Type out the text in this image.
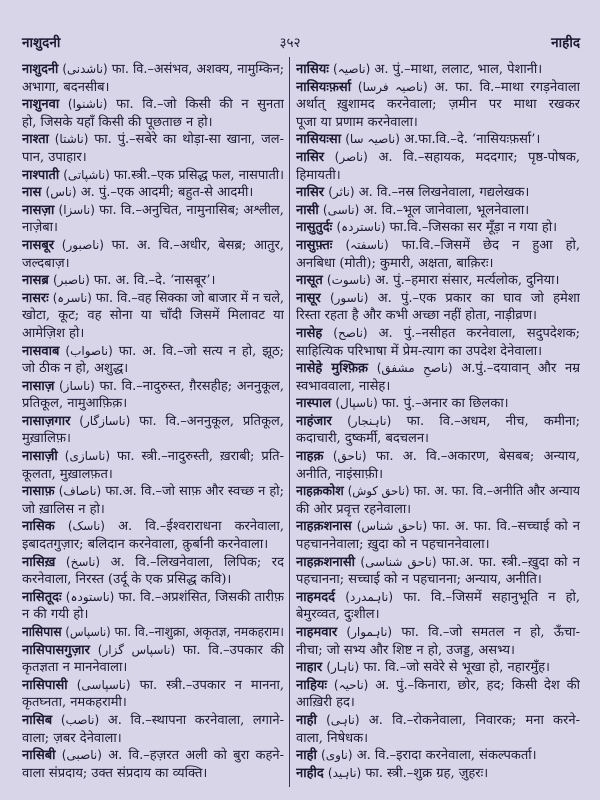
नाशुदनी	३५२	नाहीद
नाशुदनी (ناشدنی) फा. वि.–असंभव, अशक्य, नामुम्किन;
अभागा, बदनसीब।
नाशुनवा (ناشنوا) फा. वि.–जो किसी की न सुनता
हो, जिसके यहाँ किसी की पूछताछ न हो।
नाश्ता (ناشتا) फा. पुं.–सबेरे का थोड़ा-सा खाना, जल-
पान, उपाहार।
नाश्पाती (ناشپاتی) फा.स्त्री.–एक प्रसिद्ध फल, नासपाती।
नास (ناس) अ. पुं.–एक आदमी; बहुत-से आदमी।
नासज़ा (ناسزا) फा. वि.–अनुचित, नामुनासिब; अश्लील,
नाज़ेबा।
नासबूर (ناصبور) फा. अ. वि.–अधीर, बेसब्र; आतुर,
जल्दबाज़।
नासब्र (ناصبر) फा. अ. वि.–दे. ‘नासबूर’।
नासरः (ناسرہ) फा. वि.–वह सिक्का जो बाजार में न चले,
खोटा, कूट; वह सोना या चाँदी जिसमें मिलावट या
आमेज़िश हो।
नासवाब (ناصواب) फा. अ. वि.–जो सत्य न हो, झूठ;
जो ठीक न हो, अशुद्ध।
नासाज़ (ناساز) फा. वि.–नादुरुस्त, ग़ैरसहीह; अननुकूल,
प्रतिकूल, नामुआफ़िक़।
नासाज़गार (ناسازگار) फा. वि.–अननुकूल, प्रतिकूल,
मुख़ालिफ़।
नासाज़ी (ناسازی) फा. स्त्री.–नादुरुस्ती, ख़राबी; प्रति-
कूलता, मुख़ालफ़त।
नासाफ़ (ناصاف) फा.अ. वि.–जो साफ़ और स्वच्छ न हो;
जो ख़ालिस न हो।
नासिक (ناسک) अ. वि.–ईश्वराराधना करनेवाला,
इबादतगुज़ार; बलिदान करनेवाला, क़ुर्बानी करनेवाला।
नासिख़ (ناسخ) अ. वि.–लिखनेवाला, लिपिक; रद
करनेवाला, निरस्त (उर्दू के एक प्रसिद्ध कवि)।
नासितूदः (ناستودہ) फा. वि.–अप्रशंसित, जिसकी तारीफ़
न की गयी हो।
नासिपास (ناسپاس) फा. वि.–नाशुक्रा, अकृतज्ञ, नमकहराम।
नासिपासगुज़ार (ناسپاس گزار) फा. वि.–उपकार की
कृतज्ञता न माननेवाला।
नासिपासी (ناسپاسی) फा. स्त्री.–उपकार न मानना,
कृतघ्नता, नमकहरामी।
नासिब (ناصب) अ. वि.–स्थापना करनेवाला, लगाने-
वाला; ज़बर देनेवाला।
नासिबी (ناصبی) अ. वि.–हज़रत अली को बुरा कहने-
वाला संप्रदाय; उक्त संप्रदाय का व्यक्ति।
नासियः (ناصیہ) अ. पुं.–माथा, ललाट, भाल, पेशानी।
नासियःफ़र्सा (ناصیہ فرسا) अ. फा. वि.–माथा रगड़नेवाला
अर्थात् ख़ुशामद करनेवाला; ज़मीन पर माथा रखकर
पूजा या प्रणाम करनेवाला।
नासियःसा (ناصیہ سا) अ.फा.वि.–दे. ‘नासियःफ़र्सा’।
नासिर (ناصر) अ. वि.–सहायक, मददगार; पृष्ठ-पोषक,
हिमायती।
नासिर (ناثر) अ. वि.–नस्र लिखनेवाला, गद्यलेखक।
नासी (ناسی) अ. वि.–भूल जानेवाला, भूलनेवाला।
नासुतुर्दः (ناستردہ) फा.वि.–जिसका सर मूँड़ा न गया हो।
नासुफ़्तः (ناسفتہ) फा.वि.–जिसमें छेद न हुआ हो,
अनबिधा (मोती); कुमारी, अक्षता, बाक़िरः।
नासूत (ناسوت) अ. पुं.–हमारा संसार, मर्त्यलोक, दुनिया।
नासूर (ناسور) अ. पुं.–एक प्रकार का घाव जो हमेशा
रिस्ता रहता है और कभी अच्छा नहीं होता, नाड़ीव्रण।
नासेह (ناصح) अ. पुं.–नसीहत करनेवाला, सदुपदेशक;
साहित्यिक परिभाषा में प्रेम-त्याग का उपदेश देनेवाला।
नासेहे मुश्फ़िक़ (ناصحِ مشفق) अ.पुं.–दयावान् और नम्र
स्वभाववाला, नासेह।
नास्पाल (ناسپال) फा. पुं.–अनार का छिलका।
नाहंजार (ناہنجار) फा. वि.–अधम, नीच, कमीना;
कदाचारी, दुष्कर्मी, बदचलन।
नाहक़ (ناحق) फा. अ. वि.–अकारण, बेसबब; अन्याय,
अनीति, नाइंसाफ़ी।
नाहक़कोश (ناحق کوش) फा. अ. फा. वि.–अनीति और अन्याय
की ओर प्रवृत्त रहनेवाला।
नाहक़शनास (ناحق شناس) फा. अ. फा. वि.–सच्चाई को न
पहचाननेवाला; ख़ुदा को न पहचाननेवाला।
नाहक़शनासी (ناحق شناسی) फा.अ. फा. स्त्री.–ख़ुदा को न
पहचानना; सच्चाई को न पहचानना; अन्याय, अनीति।
नाहमदर्द (ناہمدرد) फा. वि.–जिसमें सहानुभूति न हो,
बेमुरव्वत, दुःशील।
नाहमवार (ناہموار) फा. वि.–जो समतल न हो, ऊँचा-
नीचा; जो सभ्य और शिष्ट न हो, उजड्ड, असभ्य।
नाहार (ناہار) फा. वि.–जो सवेरे से भूखा हो, नहारमुँह।
नाहियः (ناحیہ) अ. पुं.–किनारा, छोर, हद; किसी देश की
आख़िरी हद।
नाही (ناہی) अ. वि.–रोकनेवाला, निवारक; मना करने-
वाला, निषेधक।
नाही (ناوی) अ. वि.–इरादा करनेवाला, संकल्पकर्ता।
नाहीद (ناہید) फा. स्त्री.–शुक्र ग्रह, ज़ुहरः।
